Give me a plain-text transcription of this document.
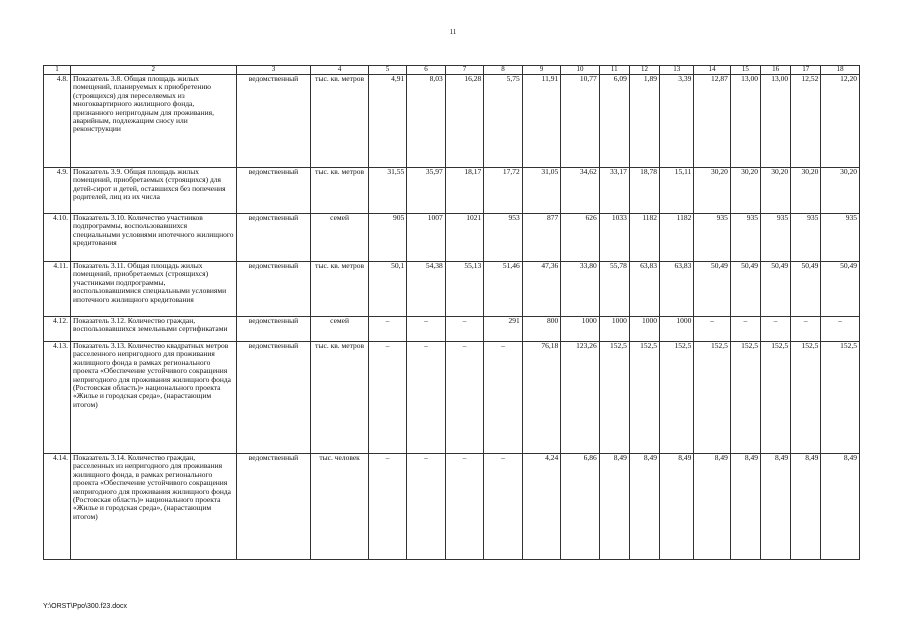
11
1	2	3	4	5	6	7	8	9	10	11	12	13	14	15	16	17	18
4.8.	Показатель 3.8. Общая площадь жилых помещений, планируемых к приобретению (строящихся) для переселяемых из многоквартирного жилищного фонда, признанного непригодным для проживания, аварийным, подлежащим сносу или реконструкции	ведомственный	тыс. кв. метров	4,91	8,03	16,28	5,75	11,91	10,77	6,09	1,89	3,39	12,87	13,00	13,00	12,52	12,20
4.9.	Показатель 3.9. Общая площадь жилых помещений, приобретаемых (строящихся) для детей-сирот и детей, оставшихся без попечения родителей, лиц из их числа	ведомственный	тыс. кв. метров	31,55	35,97	18,17	17,72	31,05	34,62	33,17	18,78	15,11	30,20	30,20	30,20	30,20	30,20
4.10.	Показатель 3.10. Количество участников подпрограммы, воспользовавшихся специальными условиями ипотечного жилищного кредитования	ведомственный	семей	905	1007	1021	953	877	626	1033	1182	1182	935	935	935	935	935
4.11.	Показатель 3.11. Общая площадь жилых помещений, приобретаемых (строящихся) участниками подпрограммы, воспользовавшимися специальными условиями ипотечного жилищного кредитования	ведомственный	тыс. кв. метров	50,1	54,38	55,13	51,46	47,36	33,80	55,78	63,83	63,83	50,49	50,49	50,49	50,49	50,49
4.12.	Показатель 3.12. Количество граждан, воспользовавшихся земельными сертификатами	ведомственный	семей	–	–	–	291	800	1000	1000	1000	1000	–	–	–	–	–
4.13.	Показатель 3.13. Количество квадратных метров расселенного непригодного для проживания жилищного фонда в рамках регионального проекта «Обеспечение устойчивого сокращения непригодного для проживания жилищного фонда (Ростовская область)» национального проекта «Жилье и городская среда», (нарастающим итогом)	ведомственный	тыс. кв. метров	–	–	–	–	76,18	123,26	152,5	152,5	152,5	152,5	152,5	152,5	152,5	152,5
4.14.	Показатель 3.14. Количество граждан, расселенных из непригодного для проживания жилищного фонда, в рамках регионального проекта «Обеспечение устойчивого сокращения непригодного для проживания жилищного фонда (Ростовская область)» национального проекта «Жилье и городская среда», (нарастающим итогом)	ведомственный	тыс. человек	–	–	–	–	4,24	6,86	8,49	8,49	8,49	8,49	8,49	8,49	8,49	8,49
Y:\ORST\Ppo\300.f23.docx
